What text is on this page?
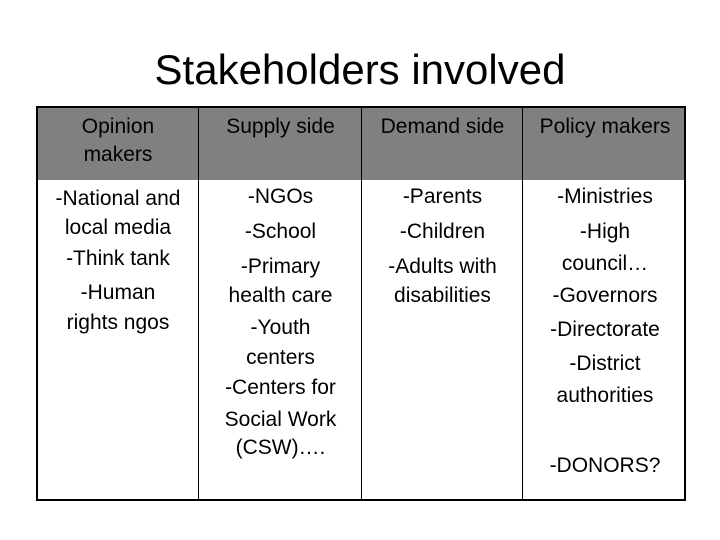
Stakeholders involved
Opinion
makers
-National and
local media
-Think tank
-Human
rights ngos
Supply side
-NGOs
-School
-Primary
health care
-Youth
centers
-Centers for
Social Work
(CSW)….
Demand side
-Parents
-Children
-Adults with
disabilities
Policy makers
-Ministries
-High
council…
-Governors
-Directorate
-District
authorities
-DONORS?
